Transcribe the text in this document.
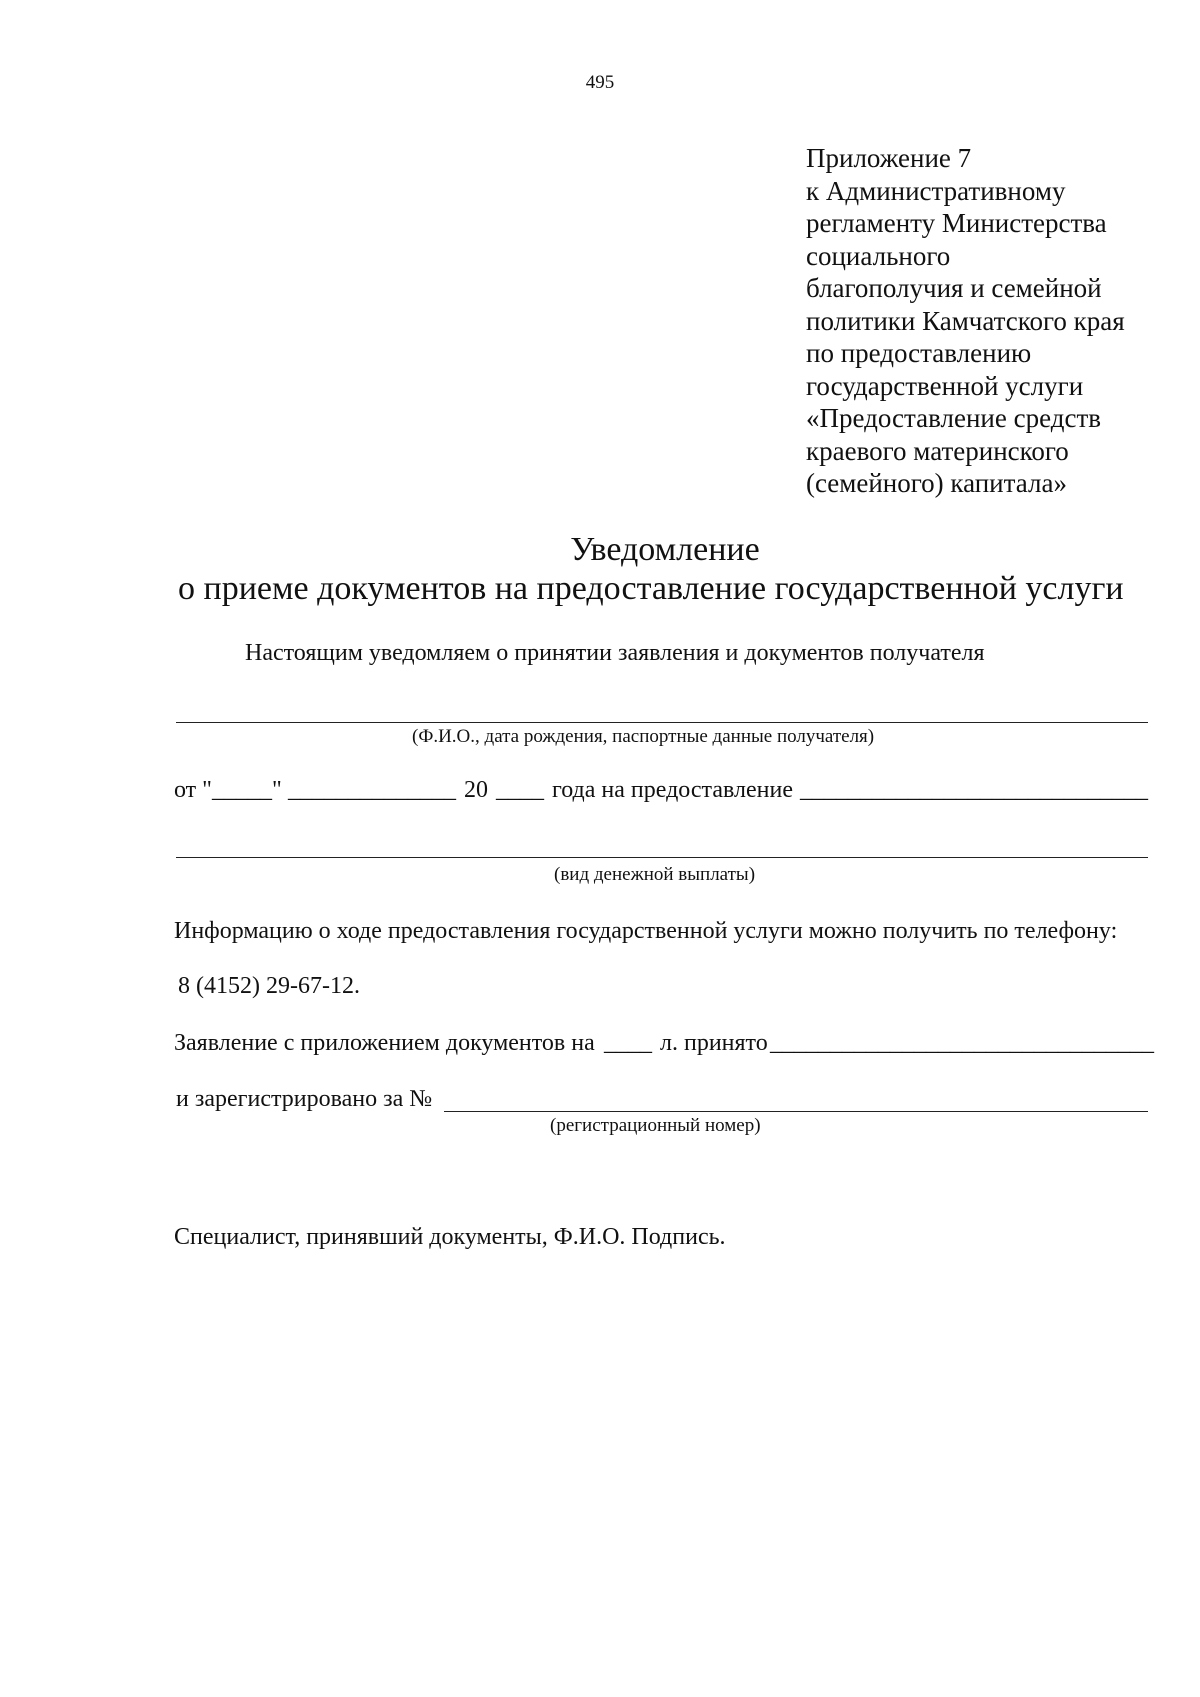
495
Приложение 7
к Административному
регламенту Министерства
социального
благополучия и семейной
политики Камчатского края
по предоставлению
государственной услуги
«Предоставление средств
краевого материнского
(семейного) капитала»
Уведомление
о приеме документов на предоставление государственной услуги
Настоящим уведомляем о принятии заявления и документов получателя
(Ф.И.О., дата рождения, паспортные данные получателя)
от "_____" ______________ 20 ____ года на предоставление _____________________________
(вид денежной выплаты)
Информацию о ходе предоставления государственной услуги можно получить по телефону:
8 (4152) 29-67-12.
Заявление с приложением документов на ____ л. принято ________________________________
и зарегистрировано за №
(регистрационный номер)
Специалист, принявший документы, Ф.И.О. Подпись.
